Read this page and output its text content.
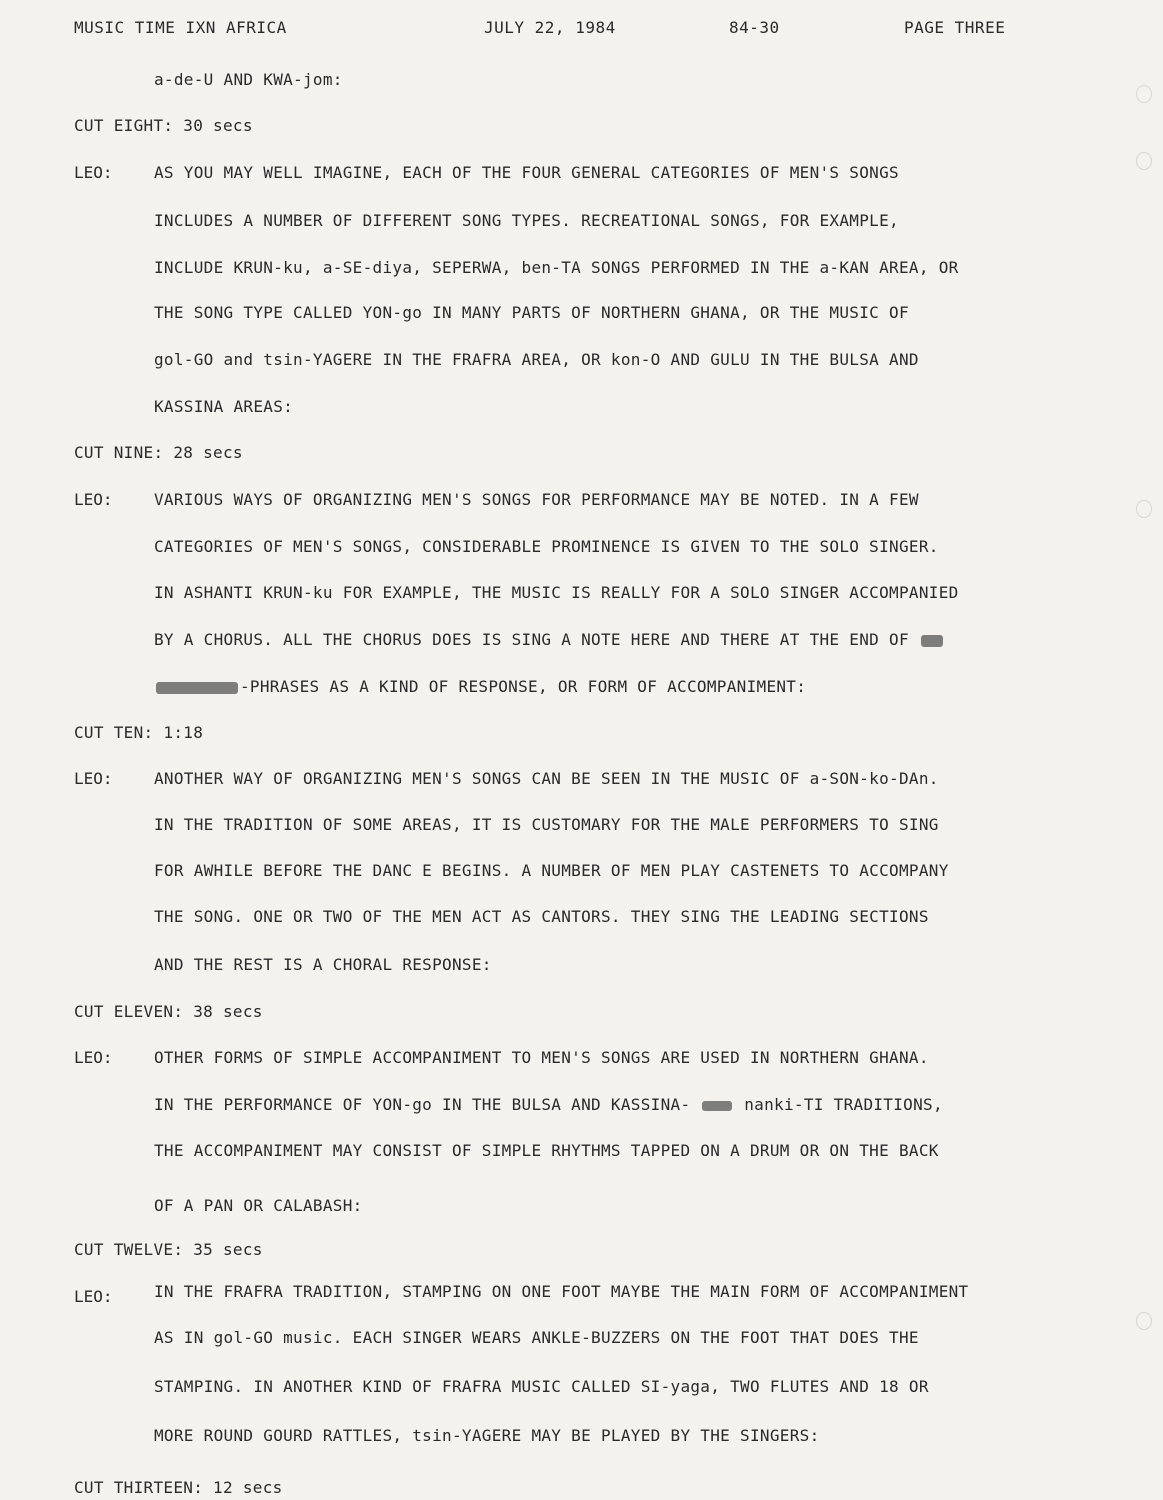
MUSIC TIME IXN AFRICA	JULY 22, 1984	84-30	PAGE THREE
a-de-U AND KWA-jom:
CUT EIGHT: 30 secs
LEO:	AS YOU MAY WELL IMAGINE, EACH OF THE FOUR GENERAL CATEGORIES OF MEN'S SONGS
INCLUDES A NUMBER OF DIFFERENT SONG TYPES. RECREATIONAL SONGS, FOR EXAMPLE,
INCLUDE KRUN-ku, a-SE-diya, SEPERWA, ben-TA SONGS PERFORMED IN THE a-KAN AREA, OR
THE SONG TYPE CALLED YON-go IN MANY PARTS OF NORTHERN GHANA, OR THE MUSIC OF
gol-GO and tsin-YAGERE IN THE FRAFRA AREA, OR kon-O AND GULU IN THE BULSA AND
KASSINA AREAS:
CUT NINE: 28 secs
LEO:	VARIOUS WAYS OF ORGANIZING MEN'S SONGS FOR PERFORMANCE MAY BE NOTED. IN A FEW
CATEGORIES OF MEN'S SONGS, CONSIDERABLE PROMINENCE IS GIVEN TO THE SOLO SINGER.
IN ASHANTI KRUN-ku FOR EXAMPLE, THE MUSIC IS REALLY FOR A SOLO SINGER ACCOMPANIED
BY A CHORUS. ALL THE CHORUS DOES IS SING A NOTE HERE AND THERE AT THE END OF
-PHRASES AS A KIND OF RESPONSE, OR FORM OF ACCOMPANIMENT:
CUT TEN: 1:18
LEO:	ANOTHER WAY OF ORGANIZING MEN'S SONGS CAN BE SEEN IN THE MUSIC OF a-SON-ko-DAn.
IN THE TRADITION OF SOME AREAS, IT IS CUSTOMARY FOR THE MALE PERFORMERS TO SING
FOR AWHILE BEFORE THE DANC E BEGINS. A NUMBER OF MEN PLAY CASTENETS TO ACCOMPANY
THE SONG. ONE OR TWO OF THE MEN ACT AS CANTORS. THEY SING THE LEADING SECTIONS
AND THE REST IS A CHORAL RESPONSE:
CUT ELEVEN: 38 secs
LEO:	OTHER FORMS OF SIMPLE ACCOMPANIMENT TO MEN'S SONGS ARE USED IN NORTHERN GHANA.
IN THE PERFORMANCE OF YON-go IN THE BULSA AND KASSINA-	nanki-TI TRADITIONS,
THE ACCOMPANIMENT MAY CONSIST OF SIMPLE RHYTHMS TAPPED ON A DRUM OR ON THE BACK
OF A PAN OR CALABASH:
CUT TWELVE: 35 secs
LEO:	IN THE FRAFRA TRADITION, STAMPING ON ONE FOOT MAYBE THE MAIN FORM OF ACCOMPANIMENT
AS IN gol-GO music. EACH SINGER WEARS ANKLE-BUZZERS ON THE FOOT THAT DOES THE
STAMPING. IN ANOTHER KIND OF FRAFRA MUSIC CALLED SI-yaga, TWO FLUTES AND 18 OR
MORE ROUND GOURD RATTLES, tsin-YAGERE MAY BE PLAYED BY THE SINGERS:
CUT THIRTEEN: 12 secs
